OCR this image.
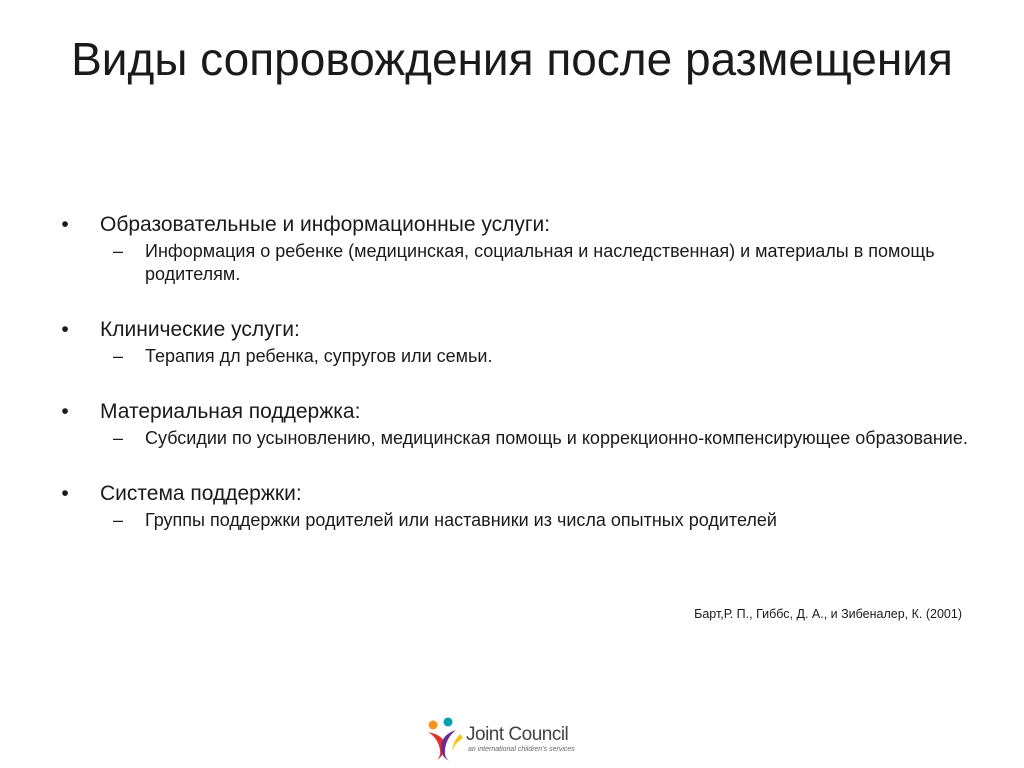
Виды сопровождения после размещения
• Образовательные и информационные услуги:
– Информация о ребенке (медицинская, социальная и наследственная) и материалы в помощь родителям.
• Клинические услуги:
– Терапия дл ребенка, супругов или семьи.
• Материальная поддержка:
– Субсидии по усыновлению, медицинская помощь и коррекционно-компенсирующее образование.
• Система поддержки:
– Группы поддержки родителей или наставники из числа опытных родителей
Барт,Р. П., Гиббс, Д. А., и Зибеналер, К. (2001)
Joint Council
an international children's services
